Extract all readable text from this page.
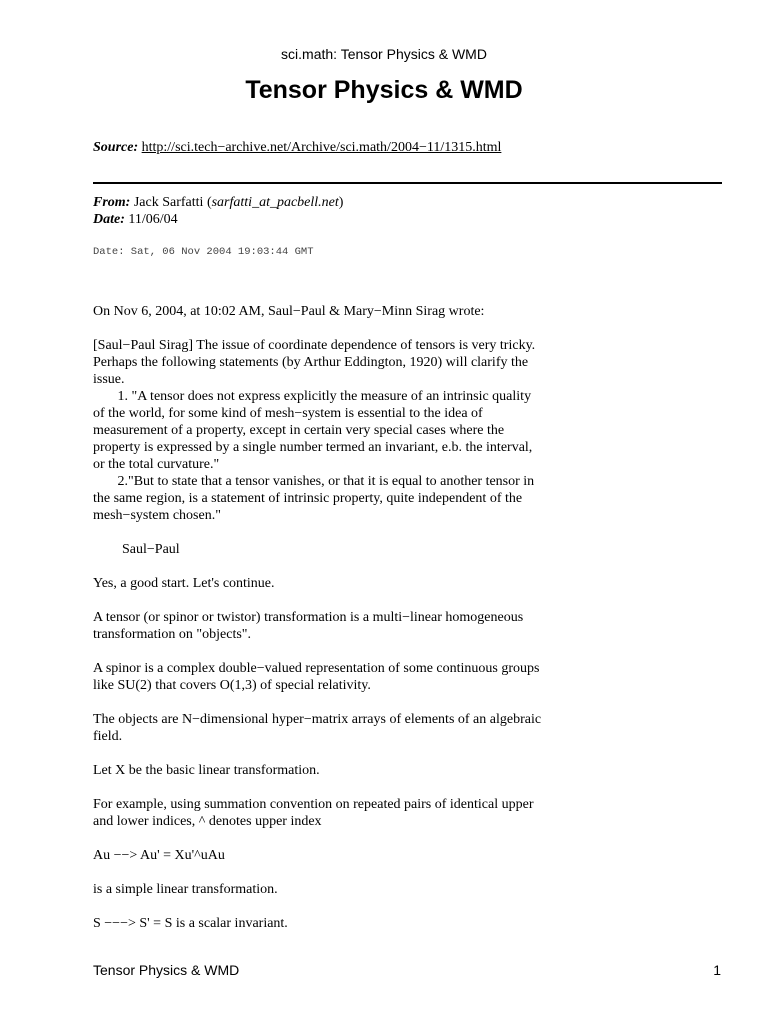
sci.math: Tensor Physics & WMD
Tensor Physics & WMD
Source: http://sci.tech−archive.net/Archive/sci.math/2004−11/1315.html
From: Jack Sarfatti (sarfatti_at_pacbell.net)
Date: 11/06/04
Date: Sat, 06 Nov 2004 19:03:44 GMT

On Nov 6, 2004, at 10:02 AM, Saul−Paul & Mary−Minn Sirag wrote:

[Saul−Paul Sirag] The issue of coordinate dependence of tensors is very tricky. Perhaps the following statements (by Arthur Eddington, 1920) will clarify the issue.
1. "A tensor does not express explicitly the measure of an intrinsic quality of the world, for some kind of mesh−system is essential to the idea of measurement of a property, except in certain very special cases where the property is expressed by a single number termed an invariant, e.b. the interval, or the total curvature."
2."But to state that a tensor vanishes, or that it is equal to another tensor in the same region, is a statement of intrinsic property, quite independent of the mesh−system chosen."

Saul−Paul

Yes, a good start. Let's continue.

A tensor (or spinor or twistor) transformation is a multi−linear homogeneous transformation on "objects".

A spinor is a complex double−valued representation of some continuous groups like SU(2) that covers O(1,3) of special relativity.

The objects are N−dimensional hyper−matrix arrays of elements of an algebraic field.

Let X be the basic linear transformation.

For example, using summation convention on repeated pairs of identical upper and lower indices, ^ denotes upper index

Au −−> Au' = Xu'^uAu

is a simple linear transformation.

S −−−> S' = S is a scalar invariant.

Tensor Physics & WMD	1
